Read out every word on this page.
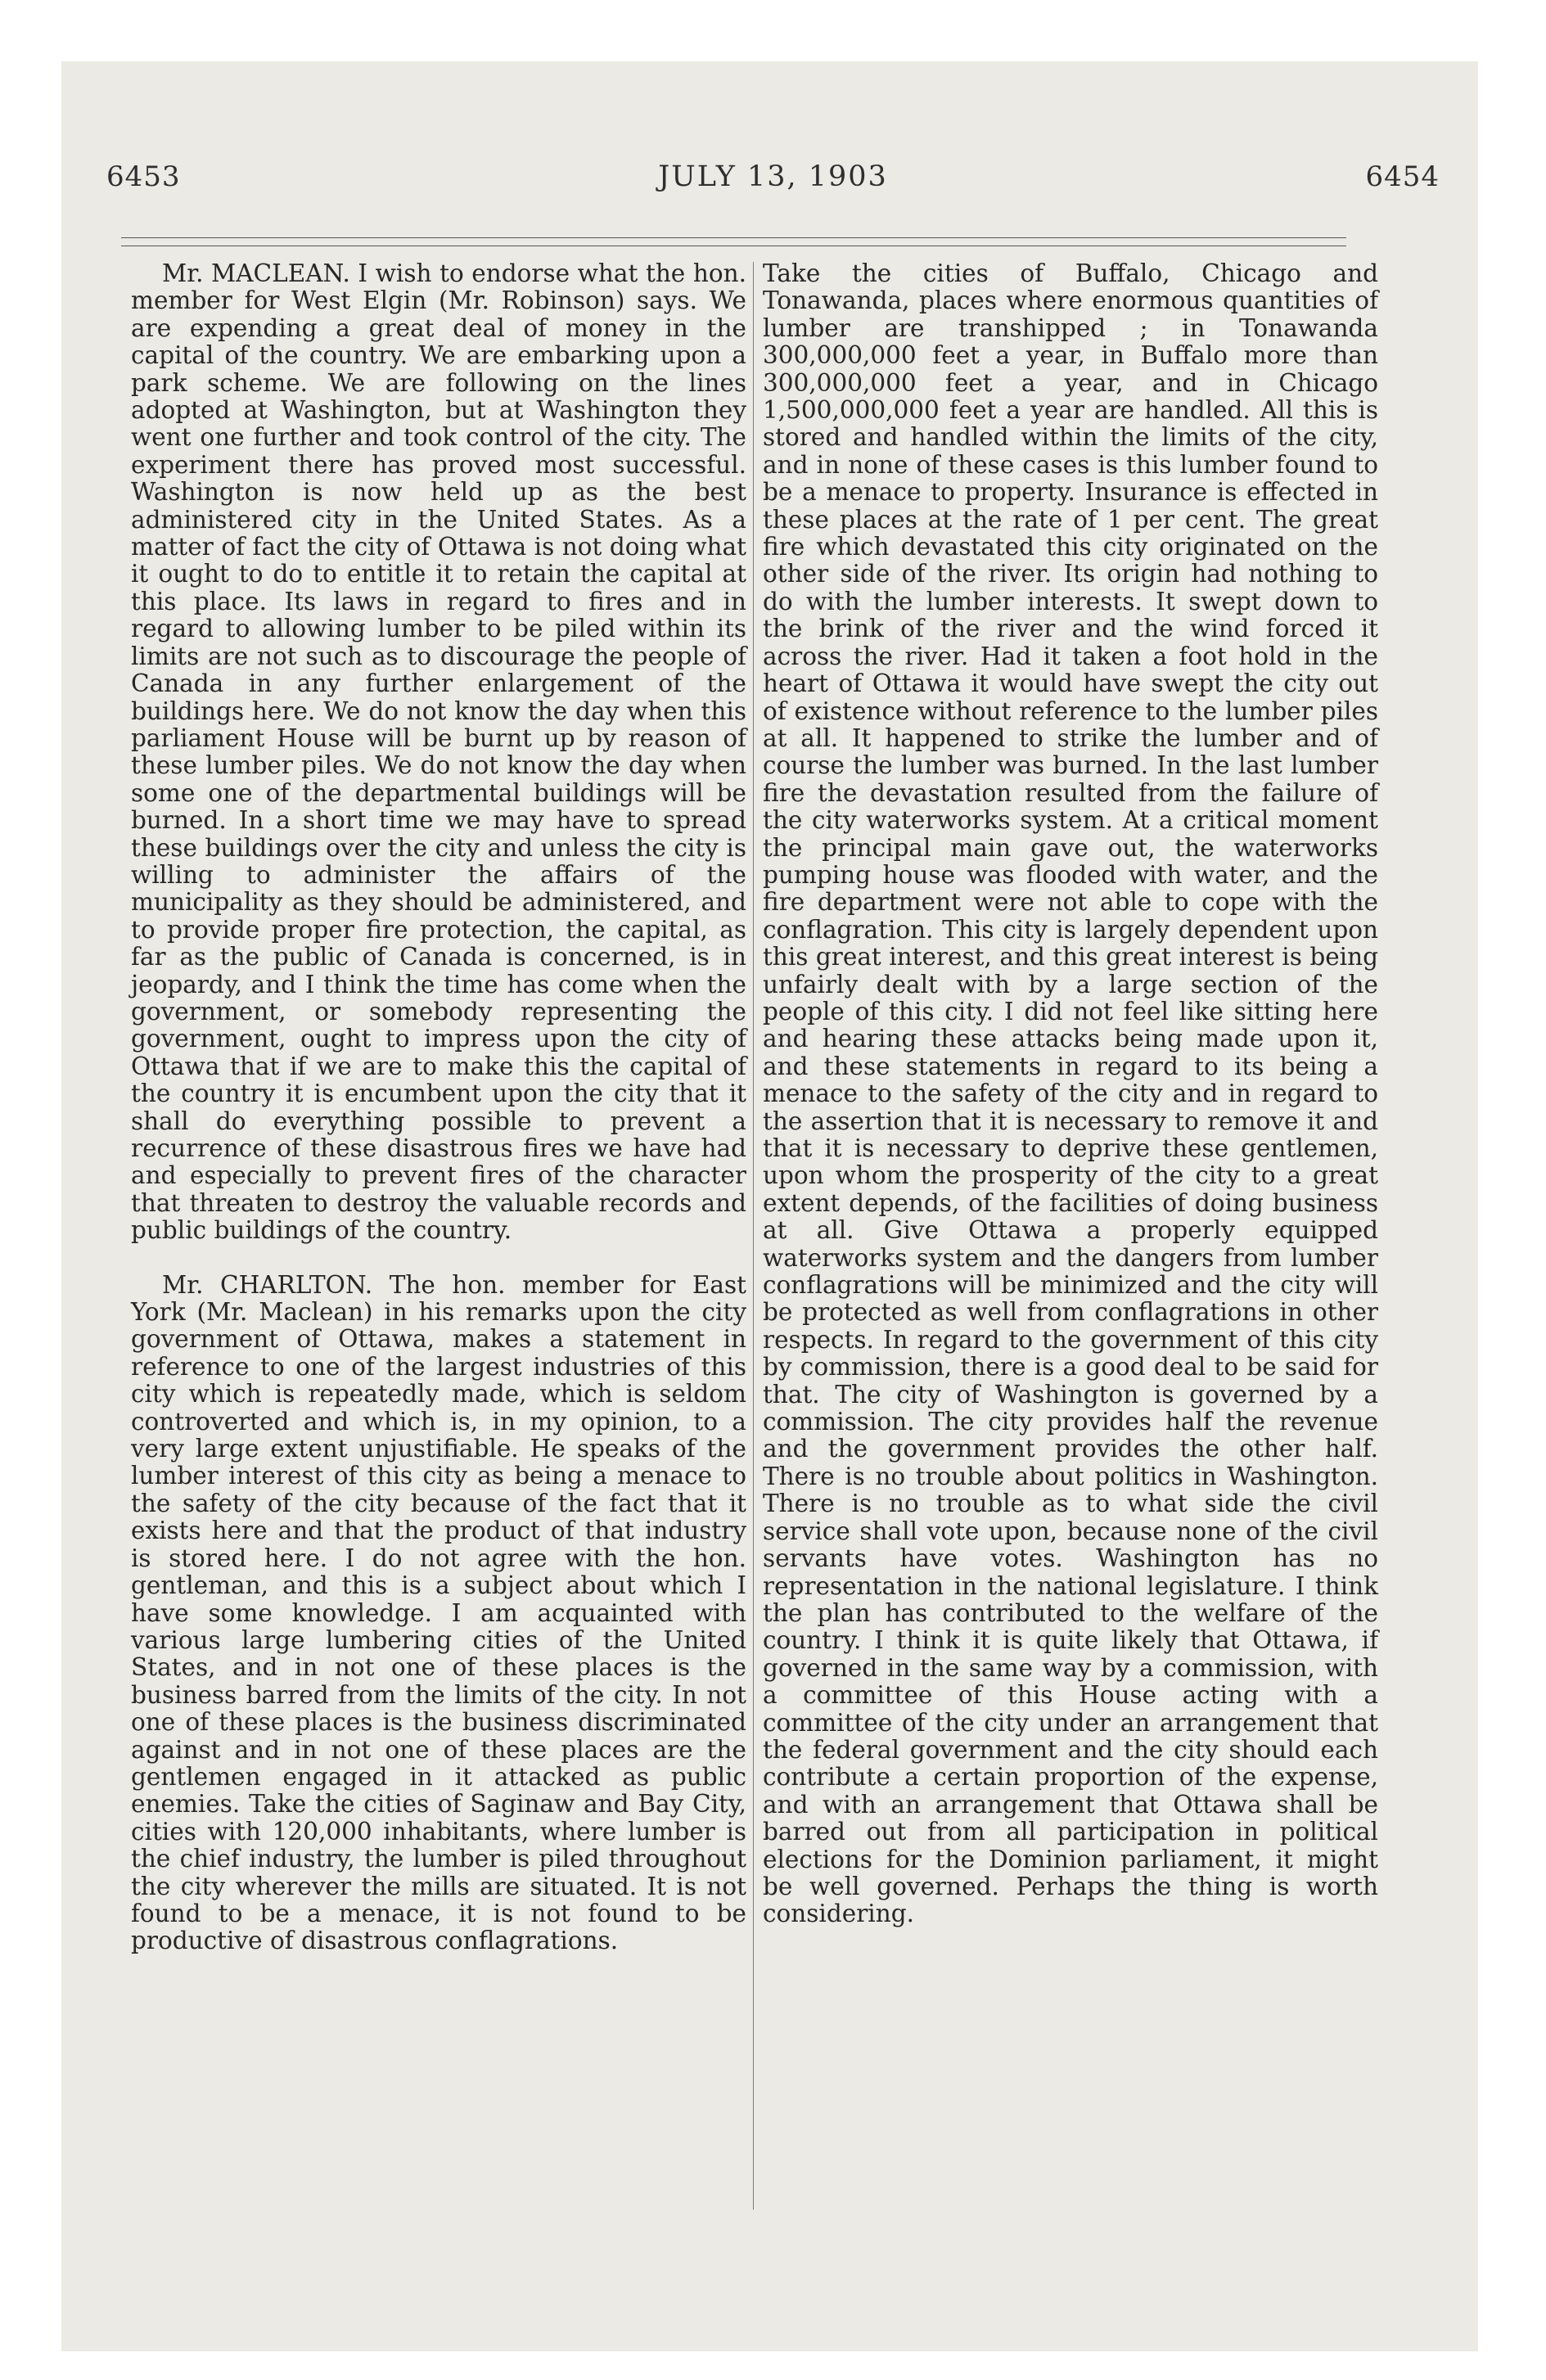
6453	JULY 13, 1903	6454

Mr. MACLEAN. I wish to endorse what the hon. member for West Elgin (Mr. Robinson) says. We are expending a great deal of money in the capital of the country. We are embarking upon a park scheme. We are following on the lines adopted at Washington, but at Washington they went one further and took control of the city. The experiment there has proved most successful. Washington is now held up as the best administered city in the United States. As a matter of fact the city of Ottawa is not doing what it ought to do to entitle it to retain the capital at this place. Its laws in regard to fires and in regard to allowing lumber to be piled within its limits are not such as to discourage the people of Canada in any further enlargement of the buildings here. We do not know the day when this parliament House will be burnt up by reason of these lumber piles. We do not know the day when some one of the departmental buildings will be burned. In a short time we may have to spread these buildings over the city and unless the city is willing to administer the affairs of the municipality as they should be administered, and to provide proper fire protection, the capital, as far as the public of Canada is concerned, is in jeopardy, and I think the time has come when the government, or somebody representing the government, ought to impress upon the city of Ottawa that if we are to make this the capital of the country it is encumbent upon the city that it shall do everything possible to prevent a recurrence of these disastrous fires we have had and especially to prevent fires of the character that threaten to destroy the valuable records and public buildings of the country.

Mr. CHARLTON. The hon. member for East York (Mr. Maclean) in his remarks upon the city government of Ottawa, makes a statement in reference to one of the largest industries of this city which is repeatedly made, which is seldom controverted and which is, in my opinion, to a very large extent unjustifiable. He speaks of the lumber interest of this city as being a menace to the safety of the city because of the fact that it exists here and that the product of that industry is stored here. I do not agree with the hon. gentleman, and this is a subject about which I have some knowledge. I am acquainted with various large lumbering cities of the United States, and in not one of these places is the business barred from the limits of the city. In not one of these places is the business discriminated against and in not one of these places are the gentlemen engaged in it attacked as public enemies. Take the cities of Saginaw and Bay City, cities with 120,000 inhabitants, where lumber is the chief industry, the lumber is piled throughout the city wherever the mills are situated. It is not found to be a menace, it is not found to be productive of disastrous conflagrations.

Take the cities of Buffalo, Chicago and Tonawanda, places where enormous quantities of lumber are transhipped ; in Tonawanda 300,000,000 feet a year, in Buffalo more than 300,000,000 feet a year, and in Chicago 1,500,000,000 feet a year are handled. All this is stored and handled within the limits of the city, and in none of these cases is this lumber found to be a menace to property. Insurance is effected in these places at the rate of 1 per cent. The great fire which devastated this city originated on the other side of the river. Its origin had nothing to do with the lumber interests. It swept down to the brink of the river and the wind forced it across the river. Had it taken a foot hold in the heart of Ottawa it would have swept the city out of existence without reference to the lumber piles at all. It happened to strike the lumber and of course the lumber was burned. In the last lumber fire the devastation resulted from the failure of the city waterworks system. At a critical moment the principal main gave out, the waterworks pumping house was flooded with water, and the fire department were not able to cope with the conflagration. This city is largely dependent upon this great interest, and this great interest is being unfairly dealt with by a large section of the people of this city. I did not feel like sitting here and hearing these attacks being made upon it, and these statements in regard to its being a menace to the safety of the city and in regard to the assertion that it is necessary to remove it and that it is necessary to deprive these gentlemen, upon whom the prosperity of the city to a great extent depends, of the facilities of doing business at all. Give Ottawa a properly equipped waterworks system and the dangers from lumber conflagrations will be minimized and the city will be protected as well from conflagrations in other respects. In regard to the government of this city by commission, there is a good deal to be said for that. The city of Washington is governed by a commission. The city provides half the revenue and the government provides the other half. There is no trouble about politics in Washington. There is no trouble as to what side the civil service shall vote upon, because none of the civil servants have votes. Washington has no representation in the national legislature. I think the plan has contributed to the welfare of the country. I think it is quite likely that Ottawa, if governed in the same way by a commission, with a committee of this House acting with a committee of the city under an arrangement that the federal government and the city should each contribute a certain proportion of the expense, and with an arrangement that Ottawa shall be barred out from all participation in political elections for the Dominion parliament, it might be well governed. Perhaps the thing is worth considering.
